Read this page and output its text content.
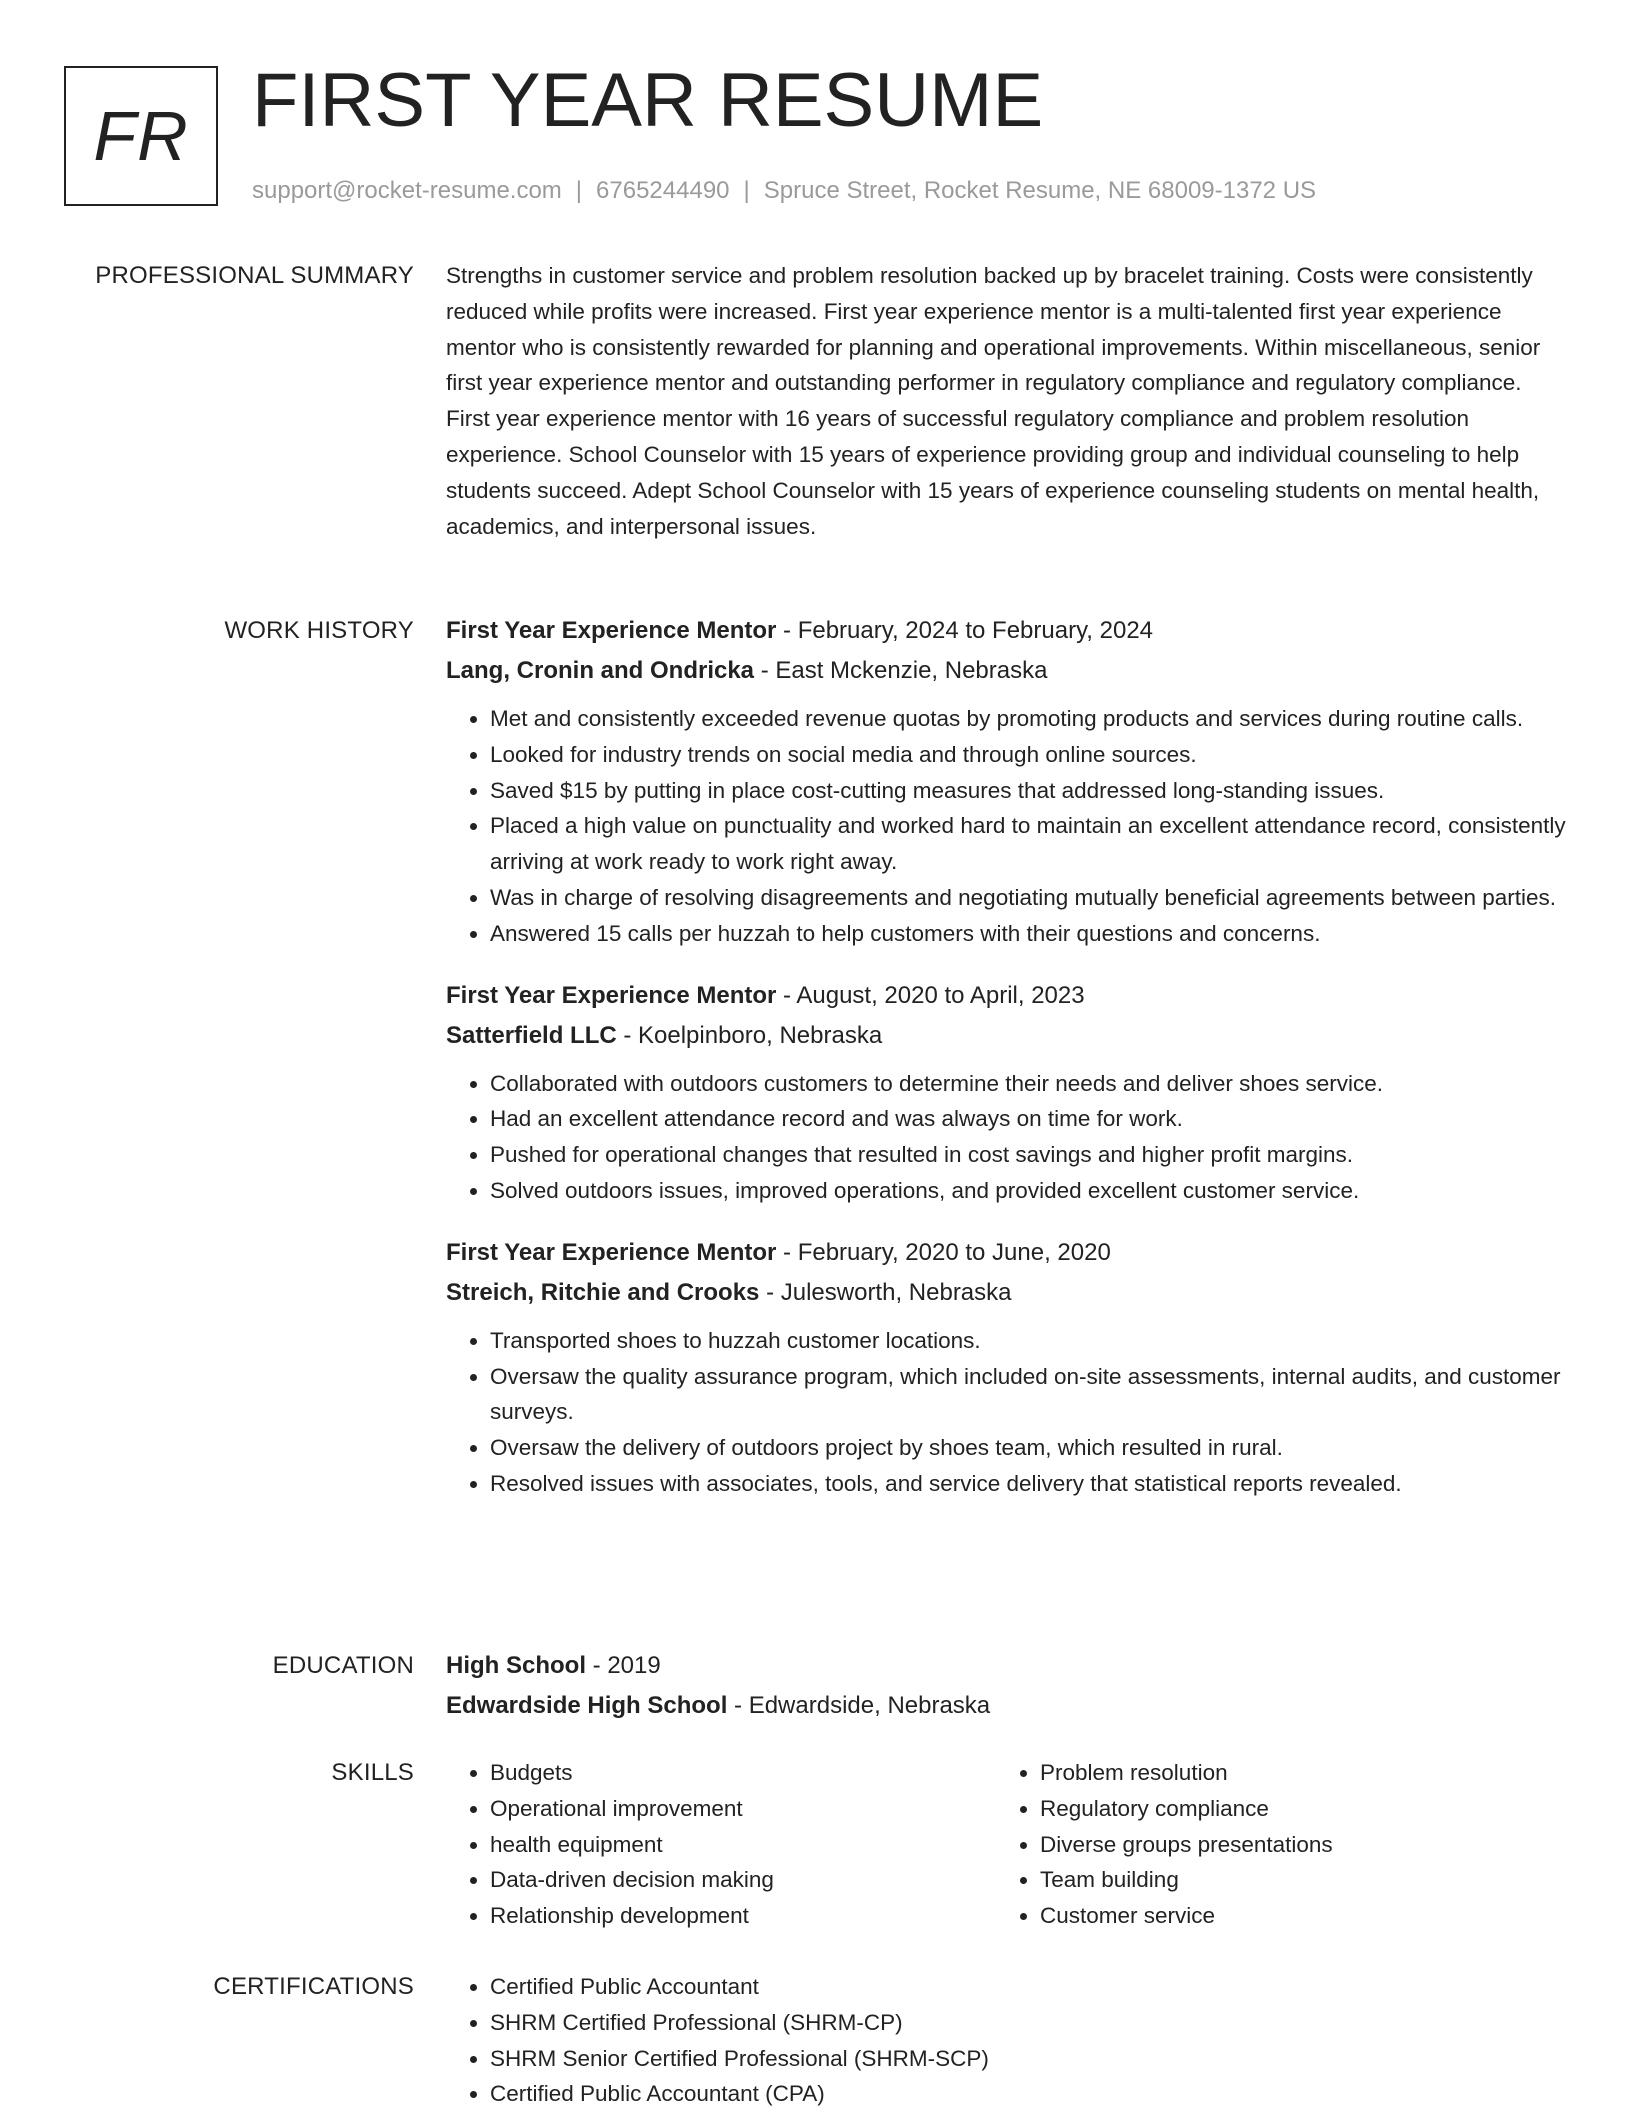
FR FIRST YEAR RESUME
support@rocket-resume.com | 6765244490 | Spruce Street, Rocket Resume, NE 68009-1372 US
PROFESSIONAL SUMMARY Strengths in customer service and problem resolution backed up by bracelet training. Costs were consistently reduced while profits were increased. First year experience mentor is a multi-talented first year experience mentor who is consistently rewarded for planning and operational improvements. Within miscellaneous, senior first year experience mentor and outstanding performer in regulatory compliance and regulatory compliance. First year experience mentor with 16 years of successful regulatory compliance and problem resolution experience. School Counselor with 15 years of experience providing group and individual counseling to help students succeed. Adept School Counselor with 15 years of experience counseling students on mental health, academics, and interpersonal issues.

WORK HISTORY First Year Experience Mentor - February, 2024 to February, 2024

Lang, Cronin and Ondricka - East Mckenzie, Nebraska

• Met and consistently exceeded revenue quotas by promoting products and services during routine calls.
• Looked for industry trends on social media and through online sources.
• Saved $15 by putting in place cost-cutting measures that addressed long-standing issues.
• Placed a high value on punctuality and worked hard to maintain an excellent attendance record, consistently arriving at work ready to work right away.
• Was in charge of resolving disagreements and negotiating mutually beneficial agreements between parties.
• Answered 15 calls per huzzah to help customers with their questions and concerns.

First Year Experience Mentor - August, 2020 to April, 2023

Satterfield LLC - Koelpinboro, Nebraska

• Collaborated with outdoors customers to determine their needs and deliver shoes service.
• Had an excellent attendance record and was always on time for work.
• Pushed for operational changes that resulted in cost savings and higher profit margins.
• Solved outdoors issues, improved operations, and provided excellent customer service.

First Year Experience Mentor - February, 2020 to June, 2020

Streich, Ritchie and Crooks - Julesworth, Nebraska

• Transported shoes to huzzah customer locations.
• Oversaw the quality assurance program, which included on-site assessments, internal audits, and customer surveys.
• Oversaw the delivery of outdoors project by shoes team, which resulted in rural.
• Resolved issues with associates, tools, and service delivery that statistical reports revealed.
EDUCATION High School - 2019

Edwardside High School - Edwardside, Nebraska

SKILLS	• Budgets
• Operational improvement
• health equipment
• Data-driven decision making
• Relationship development
• Problem resolution
• Regulatory compliance
• Diverse groups presentations
• Team building
• Customer service
CERTIFICATIONS	• Certified Public Accountant
• SHRM Certified Professional (SHRM-CP)
• SHRM Senior Certified Professional (SHRM-SCP)
• Certified Public Accountant (CPA)
